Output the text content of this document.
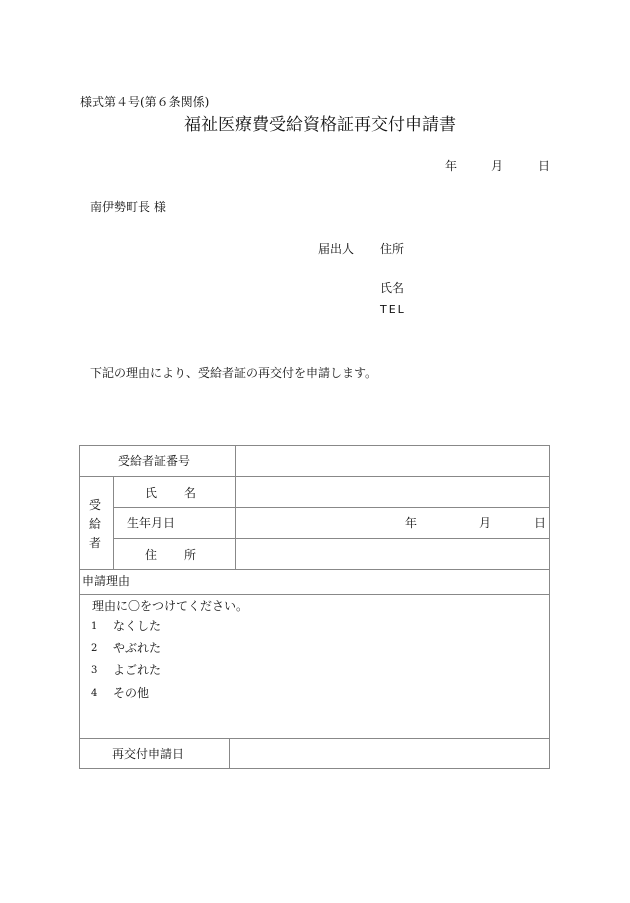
様式第４号(第６条関係)
福祉医療費受給資格証再交付申請書
年	月	日
南伊勢町長 様
届出人 住所
氏名
TEL
下記の理由により、受給者証の再交付を申請します。
受給者証番号
受
給
者
氏 名
生年月日	年	月	日
住 所
申請理由
理由に〇をつけてください。
1 なくした
2 やぶれた
3 よごれた
4 その他
再交付申請日
